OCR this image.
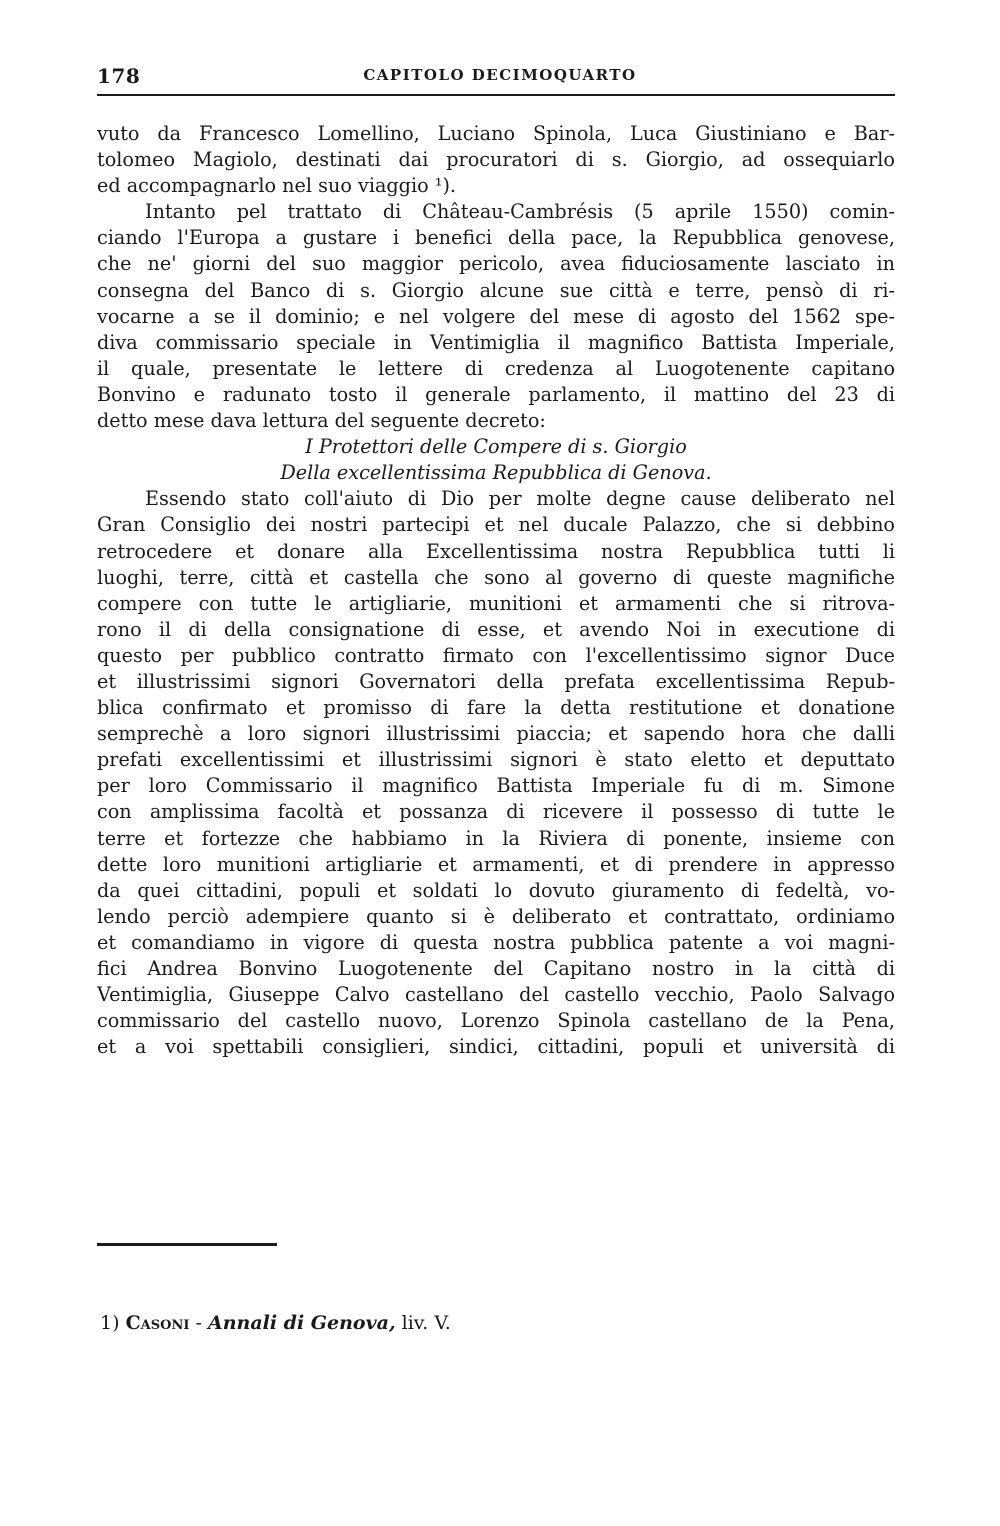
178	CAPITOLO DECIMOQUARTO
vuto da Francesco Lomellino, Luciano Spinola, Luca Giustiniano e Bar-
tolomeo Magiolo, destinati dai procuratori di s. Giorgio, ad ossequiarlo
ed accompagnarlo nel suo viaggio ¹).
Intanto pel trattato di Château-Cambrésis (5 aprile 1550) comin-
ciando l'Europa a gustare i benefici della pace, la Repubblica genovese,
che ne' giorni del suo maggior pericolo, avea fiduciosamente lasciato in
consegna del Banco di s. Giorgio alcune sue città e terre, pensò di ri-
vocarne a se il dominio; e nel volgere del mese di agosto del 1562 spe-
diva commissario speciale in Ventimiglia il magnifico Battista Imperiale,
il quale, presentate le lettere di credenza al Luogotenente capitano
Bonvino e radunato tosto il generale parlamento, il mattino del 23 di
detto mese dava lettura del seguente decreto:
I Protettori delle Compere di s. Giorgio
Della excellentissima Repubblica di Genova.
Essendo stato coll'aiuto di Dio per molte degne cause deliberato nel
Gran Consiglio dei nostri partecipi et nel ducale Palazzo, che si debbino
retrocedere et donare alla Excellentissima nostra Repubblica tutti li
luoghi, terre, città et castella che sono al governo di queste magnifiche
compere con tutte le artigliarie, munitioni et armamenti che si ritrova-
rono il di della consignatione di esse, et avendo Noi in executione di
questo per pubblico contratto firmato con l'excellentissimo signor Duce
et illustrissimi signori Governatori della prefata excellentissima Repub-
blica confirmato et promisso di fare la detta restitutione et donatione
semprechè a loro signori illustrissimi piaccia; et sapendo hora che dalli
prefati excellentissimi et illustrissimi signori è stato eletto et deputtato
per loro Commissario il magnifico Battista Imperiale fu di m. Simone
con amplissima facoltà et possanza di ricevere il possesso di tutte le
terre et fortezze che habbiamo in la Riviera di ponente, insieme con
dette loro munitioni artigliarie et armamenti, et di prendere in appresso
da quei cittadini, populi et soldati lo dovuto giuramento di fedeltà, vo-
lendo perciò adempiere quanto si è deliberato et contrattato, ordiniamo
et comandiamo in vigore di questa nostra pubblica patente a voi magni-
fici Andrea Bonvino Luogotenente del Capitano nostro in la città di
Ventimiglia, Giuseppe Calvo castellano del castello vecchio, Paolo Salvago
commissario del castello nuovo, Lorenzo Spinola castellano de la Pena,
et a voi spettabili consiglieri, sindici, cittadini, populi et università di
1) Casoni - Annali di Genova, liv. V.
